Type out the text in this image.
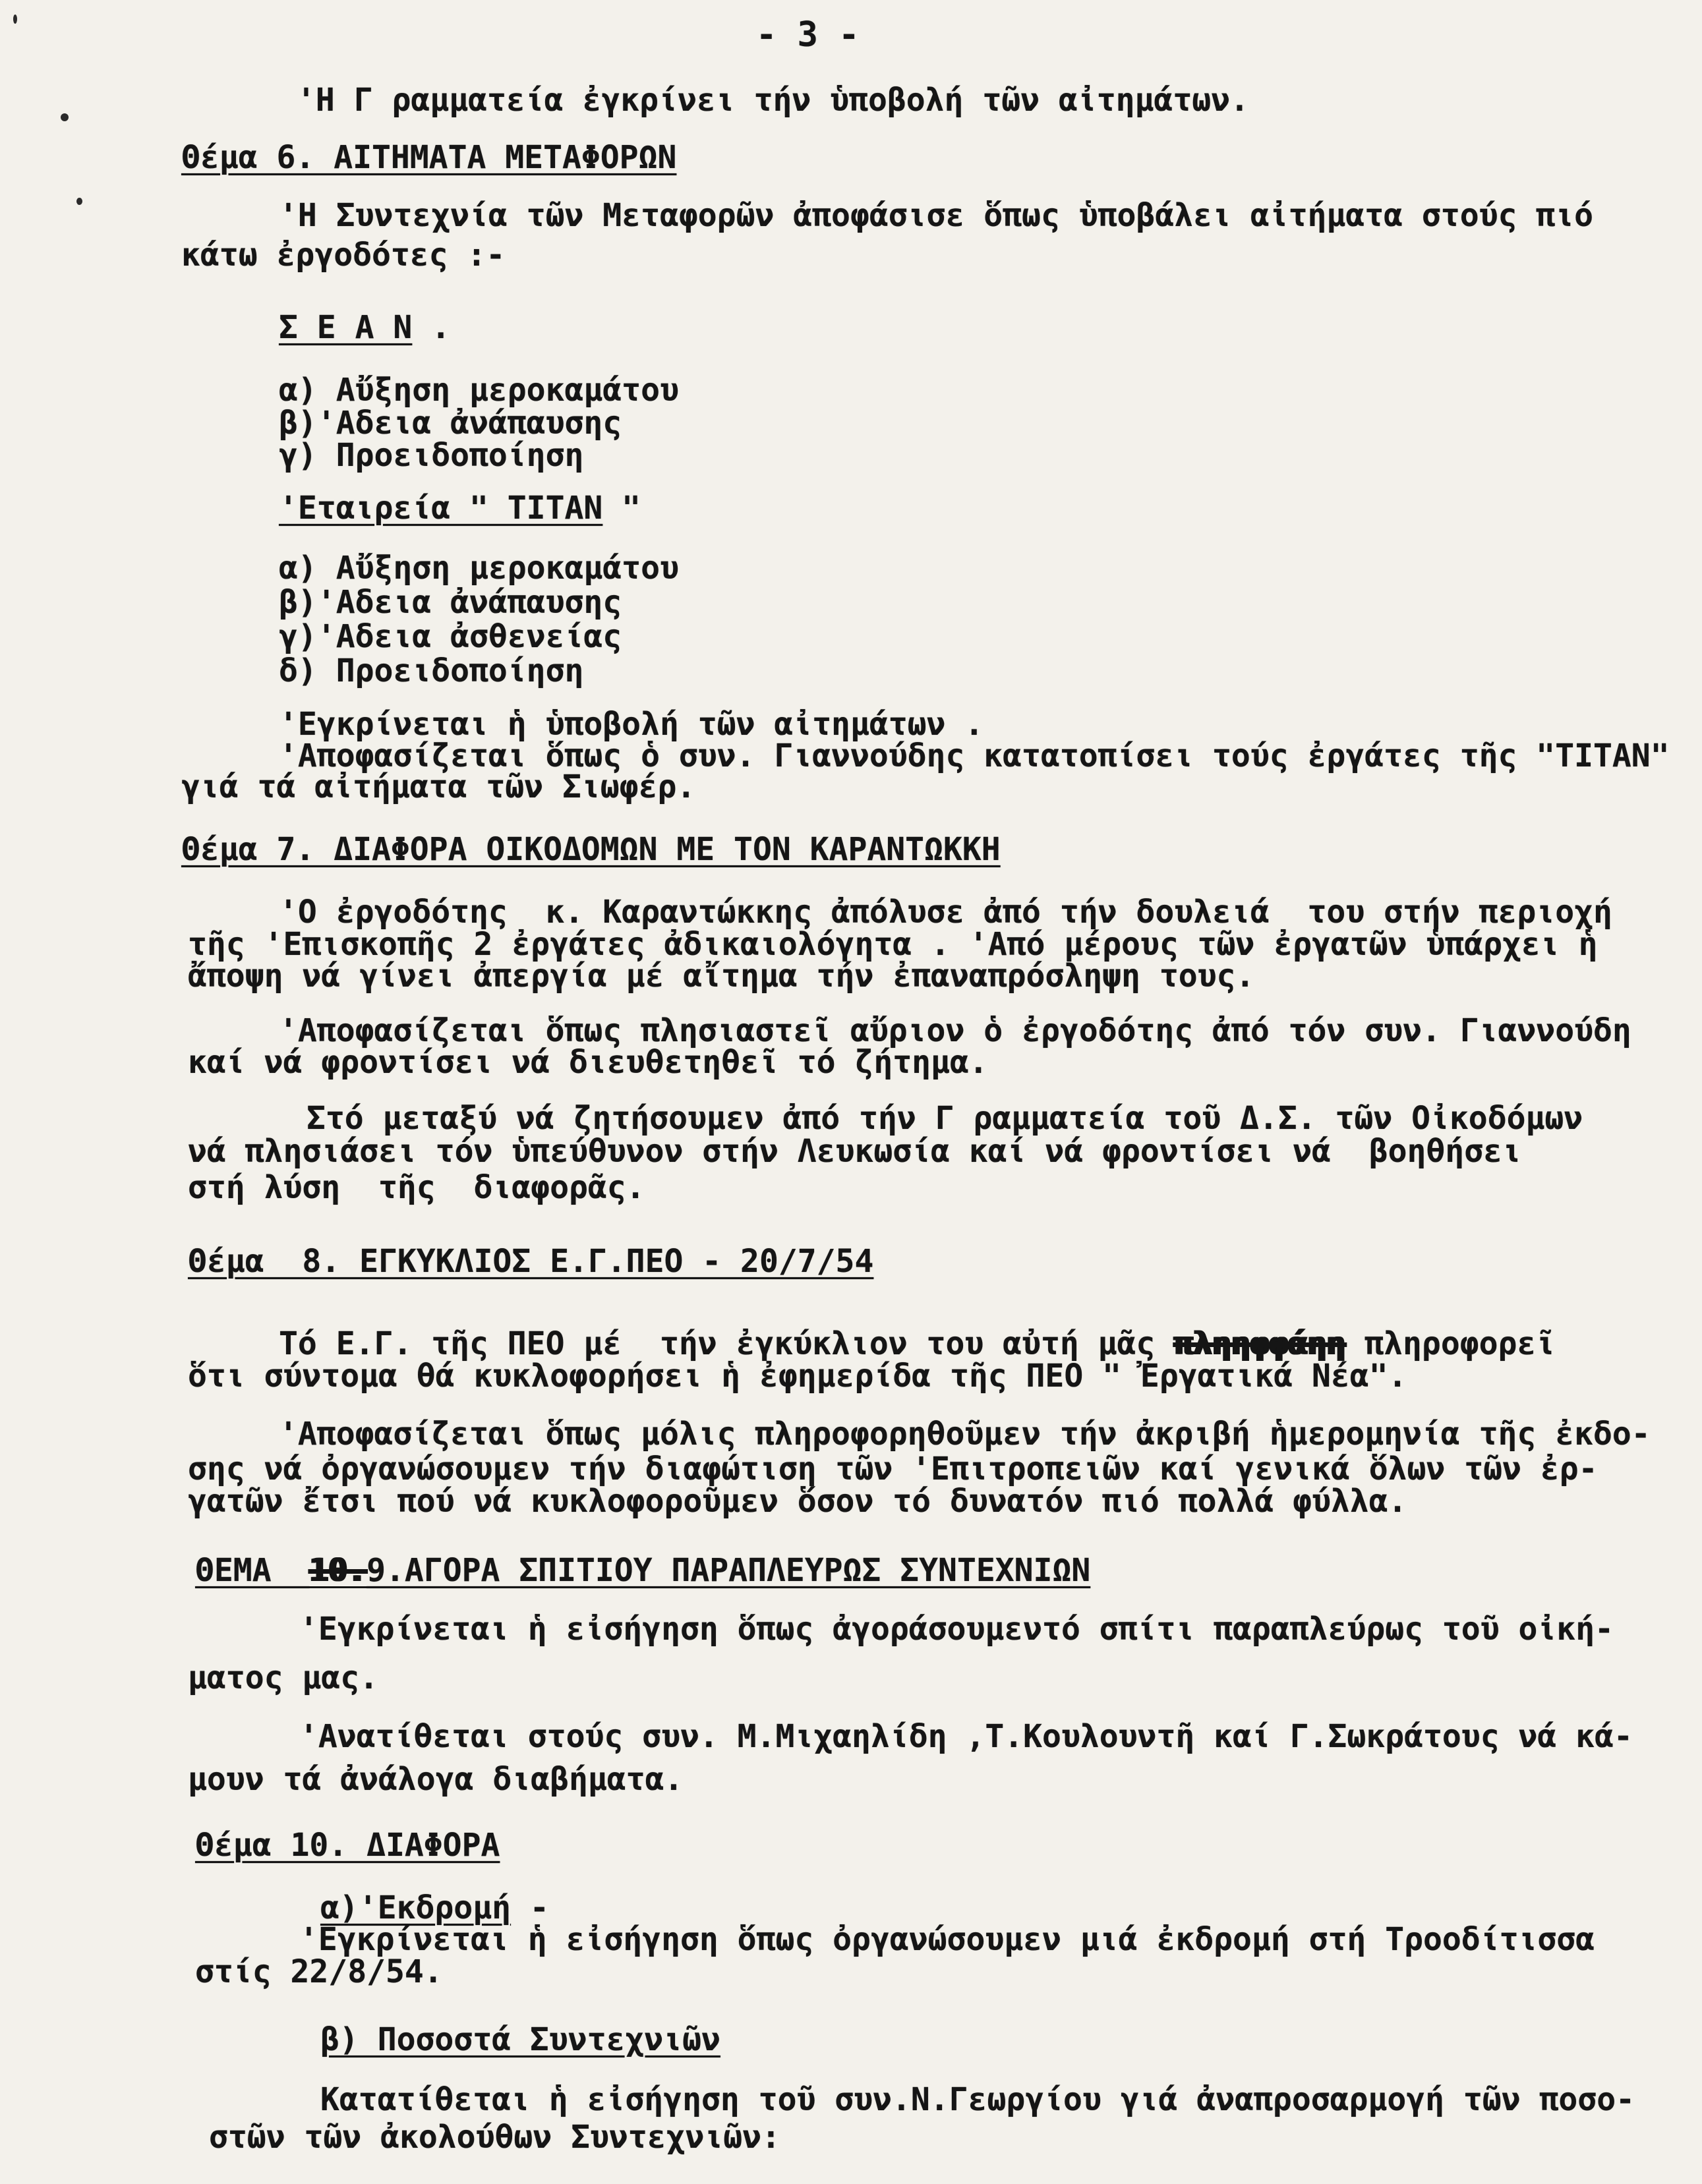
- 3 -
'Η Γ ραμματεία ἐγκρίνει τήν ὑποβολή τῶν αἰτημάτων.
Θέμα 6. ΑΙΤΗΜΑΤΑ ΜΕΤΑΦΟΡΩΝ
'Η Συντεχνία τῶν Μεταφορῶν ἀποφάσισε ὅπως ὑποβάλει αἰτήματα στούς πιό
κάτω ἐργοδότες :-
Σ Ε Α Ν .
α) Αὔξηση μεροκαμάτου
β)'Αδεια ἀνάπαυσης
γ) Προειδοποίηση
'Εταιρεία " ΤΙΤΑΝ "
α) Αὔξηση μεροκαμάτου
β)'Αδεια ἀνάπαυσης
γ)'Αδεια ἀσθενείας
δ) Προειδοποίηση
'Εγκρίνεται ἡ ὑποβολή τῶν αἰτημάτων .
'Αποφασίζεται ὅπως ὁ συν. Γιαννούδης κατατοπίσει τούς ἐργάτες τῆς "ΤΙΤΑΝ"
γιά τά αἰτήματα τῶν Σιωφέρ.
Θέμα 7. ΔΙΑΦΟΡΑ ΟΙΚΟΔΟΜΩΝ ΜΕ ΤΟΝ ΚΑΡΑΝΤΩΚΚΗ
'Ο ἐργοδότης  κ. Καραντώκκης ἀπόλυσε ἀπό τήν δουλειά  του στήν περιοχή
τῆς 'Επισκοπῆς 2 ἐργάτες ἀδικαιολόγητα . 'Από μέρους τῶν ἐργατῶν ὑπάρχει ἡ
ἄποψη νά γίνει ἀπεργία μέ αἴτημα τήν ἐπαναπρόσληψη τους.
'Αποφασίζεται ὅπως πλησιαστεῖ αὔριον ὁ ἐργοδότης ἀπό τόν συν. Γιαννούδη
καί νά φροντίσει νά διευθετηθεῖ τό ζήτημα.
Στό μεταξύ νά ζητήσουμεν ἀπό τήν Γ ραμματεία τοῦ Δ.Σ. τῶν Οἰκοδόμων
νά πλησιάσει τόν ὑπεύθυνον στήν Λευκωσία καί νά φροντίσει νά  βοηθήσει
στή λύση  τῆς  διαφορᾶς.
Θέμα  8. ΕΓΚΥΚΛΙΟΣ Ε.Γ.ΠΕΟ - 20/7/54
Τό Ε.Γ. τῆς ΠΕΟ μέ  τήν ἐγκύκλιον του αὐτή μᾶς πληηφφάηη πληροφορεῖ
ὅτι σύντομα θά κυκλοφορήσει ἡ ἐφημερίδα τῆς ΠΕΟ " Ἐργατικά Νέα".
'Αποφασίζεται ὅπως μόλις πληροφορηθοῦμεν τήν ἀκριβή ἡμερομηνία τῆς ἐκδο-
σης νά ὀργανώσουμεν τήν διαφώτιση τῶν 'Επιτροπειῶν καί γενικά ὅλων τῶν ἐρ-
γατῶν ἔτσι πού νά κυκλοφοροῦμεν ὅσον τό δυνατόν πιό πολλά φύλλα.
ΘΕΜΑ  10.9.ΑΓΟΡΑ ΣΠΙΤΙΟΥ ΠΑΡΑΠΛΕΥΡΩΣ ΣΥΝΤΕΧΝΙΩΝ
'Εγκρίνεται ἡ εἰσήγηση ὅπως ἀγοράσουμεντό σπίτι παραπλεύρως τοῦ οἰκή-
ματος μας.
'Ανατίθεται στούς συν. Μ.Μιχαηλίδη ,Τ.Κουλουντῆ καί Γ.Σωκράτους νά κά-
μουν τά ἀνάλογα διαβήματα.
Θέμα 10. ΔΙΑΦΟΡΑ
α)'Εκδρομή -
'Εγκρίνεται ἡ εἰσήγηση ὅπως ὀργανώσουμεν μιά ἐκδρομή στή Τροοδίτισσα
στίς 22/8/54.
β) Ποσοστά Συντεχνιῶν
Κατατίθεται ἡ εἰσήγηση τοῦ συν.Ν.Γεωργίου γιά ἀναπροσαρμογή τῶν ποσο-
στῶν τῶν ἀκολούθων Συντεχνιῶν:
